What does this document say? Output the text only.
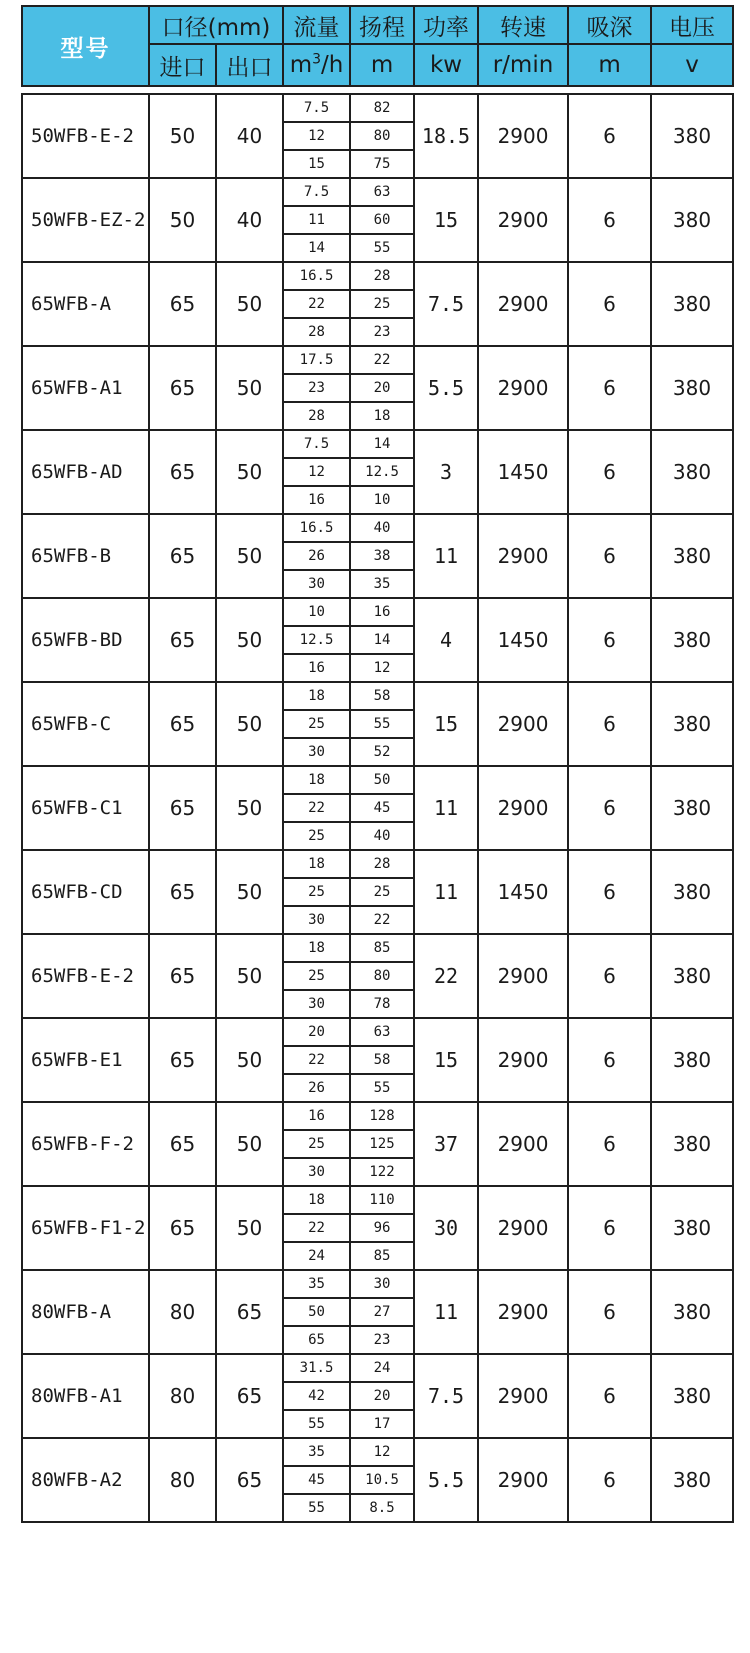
型号	口径(mm)		流量	扬程	功率	转速	吸深	电压
	进口	出口	$m^3/h$	m	kw	r/min	m	v

50WFB-E-2	50	40	7.5	82	18.5	2900	6	380
			12	80				
			15	75				
50WFB-EZ-2	50	40	7.5	63	15	2900	6	380
			11	60				
			14	55				
65WFB-A	65	50	16.5	28	7.5	2900	6	380
			22	25				
			28	23				
65WFB-A1	65	50	17.5	22	5.5	2900	6	380
			23	20				
			28	18				
65WFB-AD	65	50	7.5	14	3	1450	6	380
			12	12.5				
			16	10				
65WFB-B	65	50	16.5	40	11	2900	6	380
			26	38				
			30	35				
65WFB-BD	65	50	10	16	4	1450	6	380
			12.5	14				
			16	12				
65WFB-C	65	50	18	58	15	2900	6	380
			25	55				
			30	52				
65WFB-C1	65	50	18	50	11	2900	6	380
			22	45				
			25	40				
65WFB-CD	65	50	18	28	11	1450	6	380
			25	25				
			30	22				
65WFB-E-2	65	50	18	85	22	2900	6	380
			25	80				
			30	78				
65WFB-E1	65	50	20	63	15	2900	6	380
			22	58				
			26	55				
65WFB-F-2	65	50	16	128	37	2900	6	380
			25	125				
			30	122				
65WFB-F1-2	65	50	18	110	30	2900	6	380
			22	96				
			24	85				
80WFB-A	80	65	35	30	11	2900	6	380
			50	27				
			65	23				
80WFB-A1	80	65	31.5	24	7.5	2900	6	380
			42	20				
			55	17				
80WFB-A2	80	65	35	12	5.5	2900	6	380
			45	10.5				
			55	8.5				
